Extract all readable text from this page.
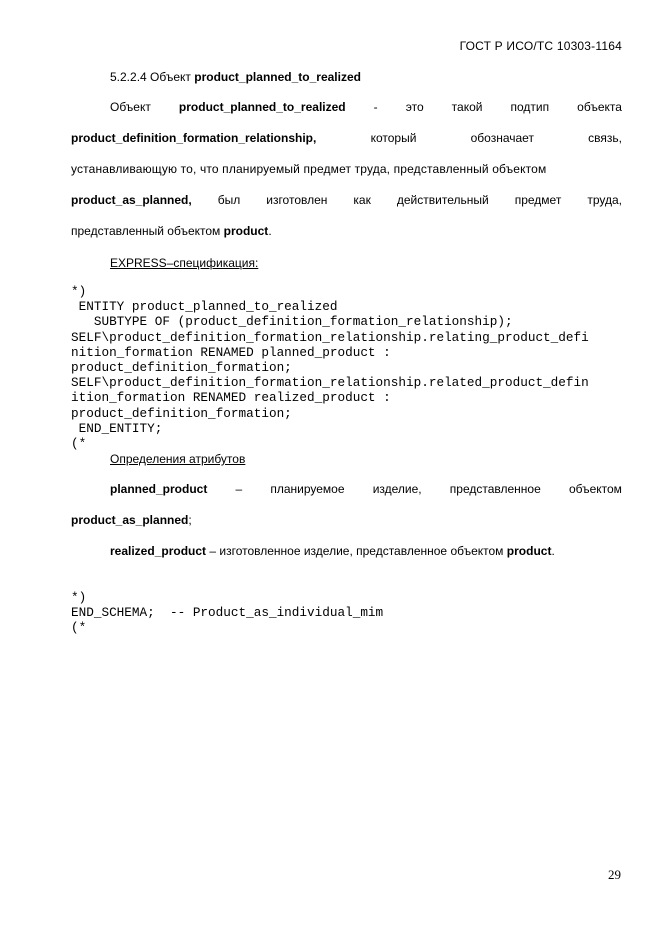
ГОСТ Р ИСО/ТС 10303-1164
5.2.2.4 Объект product_planned_to_realized
Объект product_planned_to_realized - это такой подтип объекта
product_definition_formation_relationship,	который	обозначает	связь,
устанавливающую то, что планируемый предмет труда, представленный объектом
product_as_planned, был изготовлен как действительный предмет труда,
представленный объектом product.
EXPRESS–спецификация:
*)
ENTITY product_planned_to_realized
SUBTYPE OF (product_definition_formation_relationship);
SELF\product_definition_formation_relationship.relating_product_defi
nition_formation RENAMED planned_product :
product_definition_formation;
SELF\product_definition_formation_relationship.related_product_defin
ition_formation RENAMED realized_product :
product_definition_formation;
END_ENTITY;
(*
Определения атрибутов
planned_product – планируемое изделие, представленное объектом
product_as_planned;
realized_product – изготовленное изделие, представленное объектом product.
*)
END_SCHEMA;  -- Product_as_individual_mim
(*
29
